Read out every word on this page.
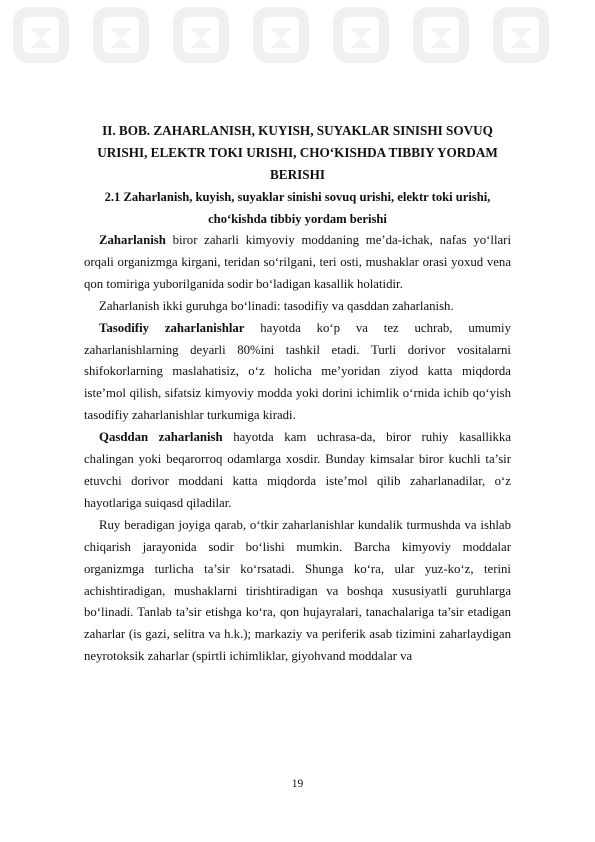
II. BOB. ZAHARLANISH, KUYISH, SUYAKLAR SINISHI SOVUQ

URISHI, ELEKTR TOKI URISHI, CHO‘KISHDA TIBBIY YORDAM

BERISHI

2.1 Zaharlanish, kuyish, suyaklar sinishi sovuq urishi, elektr toki urishi,

cho‘kishda tibbiy yordam berishi

Zaharlanish biror zaharli kimyoviy moddaning me’da-ichak, nafas yo‘llari orqali organizmga kirgani, teridan so‘rilgani, teri osti, mushaklar orasi yoxud vena qon tomiriga yuborilganida sodir bo‘ladigan kasallik holatidir.

Zaharlanish ikki guruhga bo‘linadi: tasodifiy va qasddan zaharlanish.

Tasodifiy zaharlanishlar hayotda ko‘p va tez uchrab, umumiy zaharlanishlarning deyarli 80%ini tashkil etadi. Turli dorivor vositalarni shifokorlarning maslahatisiz, o‘z holicha me’yoridan ziyod katta miqdorda iste’mol qilish, sifatsiz kimyoviy modda yoki dorini ichimlik o‘rnida ichib qo‘yish tasodifiy zaharlanishlar turkumiga kiradi.

Qasddan zaharlanish hayotda kam uchrasa-da, biror ruhiy kasallikka chalingan yoki beqarorroq odamlarga xosdir. Bunday kimsalar biror kuchli ta’sir etuvchi dorivor moddani katta miqdorda iste’mol qilib zaharlanadilar, o‘z hayotlariga suiqasd qiladilar.

Ruy beradigan joyiga qarab, o‘tkir zaharlanishlar kundalik turmushda va ishlab chiqarish jarayonida sodir bo‘lishi mumkin. Barcha kimyoviy moddalar organizmga turlicha ta’sir ko‘rsatadi. Shunga ko‘ra, ular yuz-ko‘z, terini achishtiradigan, mushaklarni tirishtiradigan va boshqa xususiyatli guruhlarga bo‘linadi. Tanlab ta’sir etishga ko‘ra, qon hujayralari, tanachalariga ta’sir etadigan zaharlar (is gazi, selitra va h.k.); markaziy va periferik asab tizimini zaharlaydigan neyrotoksik zaharlar (spirtli ichimliklar, giyohvand moddalar va

19
